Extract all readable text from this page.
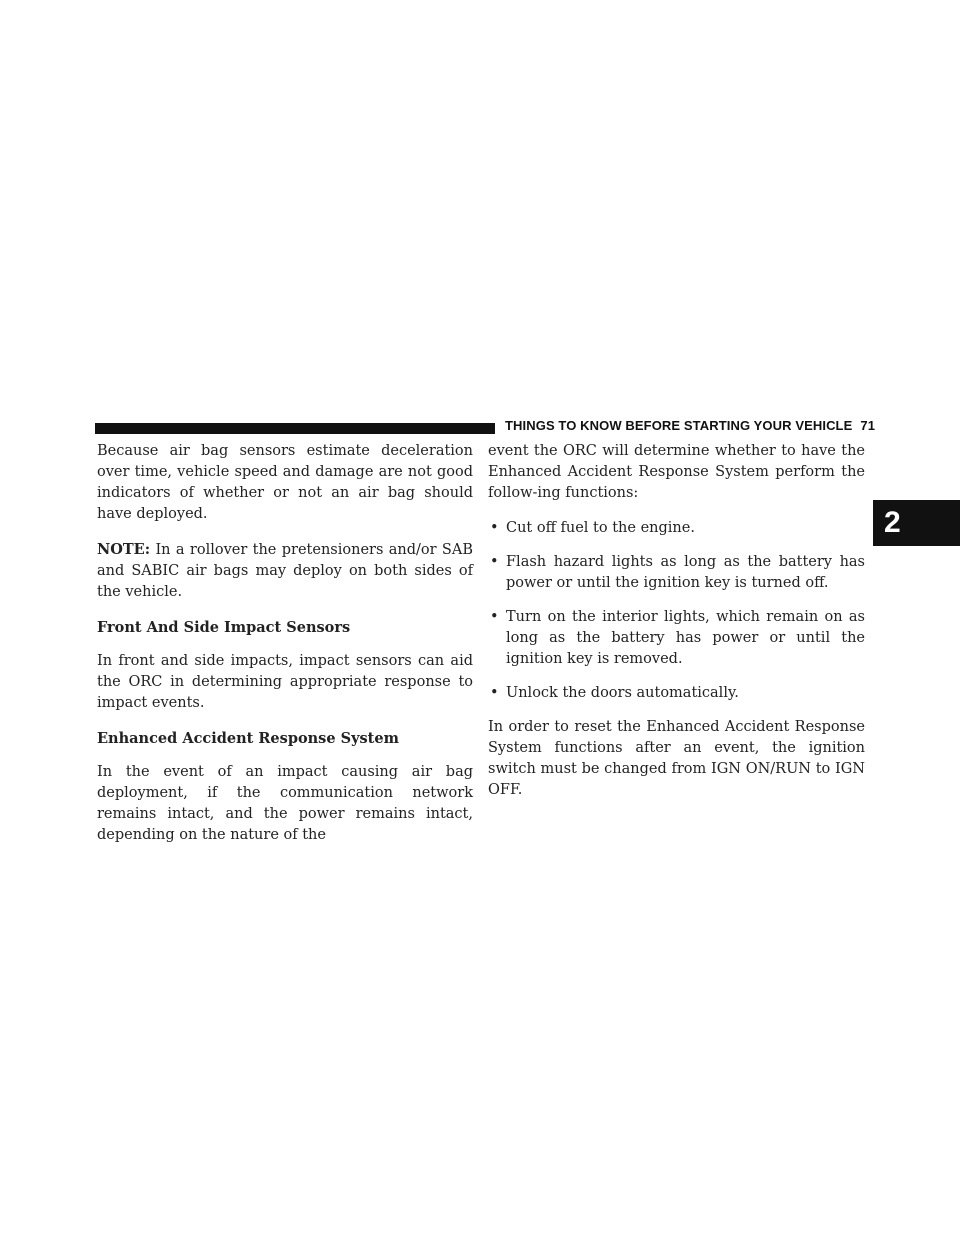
THINGS TO KNOW BEFORE STARTING YOUR VEHICLE 71
2

Because air bag sensors estimate deceleration over time, vehicle speed and damage are not good indicators of whether or not an air bag should have deployed.

NOTE: In a rollover the pretensioners and/or SAB and SABIC air bags may deploy on both sides of the vehicle.

Front And Side Impact Sensors

In front and side impacts, impact sensors can aid the ORC in determining appropriate response to impact events.

Enhanced Accident Response System

In the event of an impact causing air bag deployment, if the communication network remains intact, and the power remains intact, depending on the nature of the

event the ORC will determine whether to have the Enhanced Accident Response System perform the follow-ing functions:

• Cut off fuel to the engine.
• Flash hazard lights as long as the battery has power or until the ignition key is turned off.
• Turn on the interior lights, which remain on as long as the battery has power or until the ignition key is removed.
• Unlock the doors automatically.

In order to reset the Enhanced Accident Response System functions after an event, the ignition switch must be changed from IGN ON/RUN to IGN OFF.
